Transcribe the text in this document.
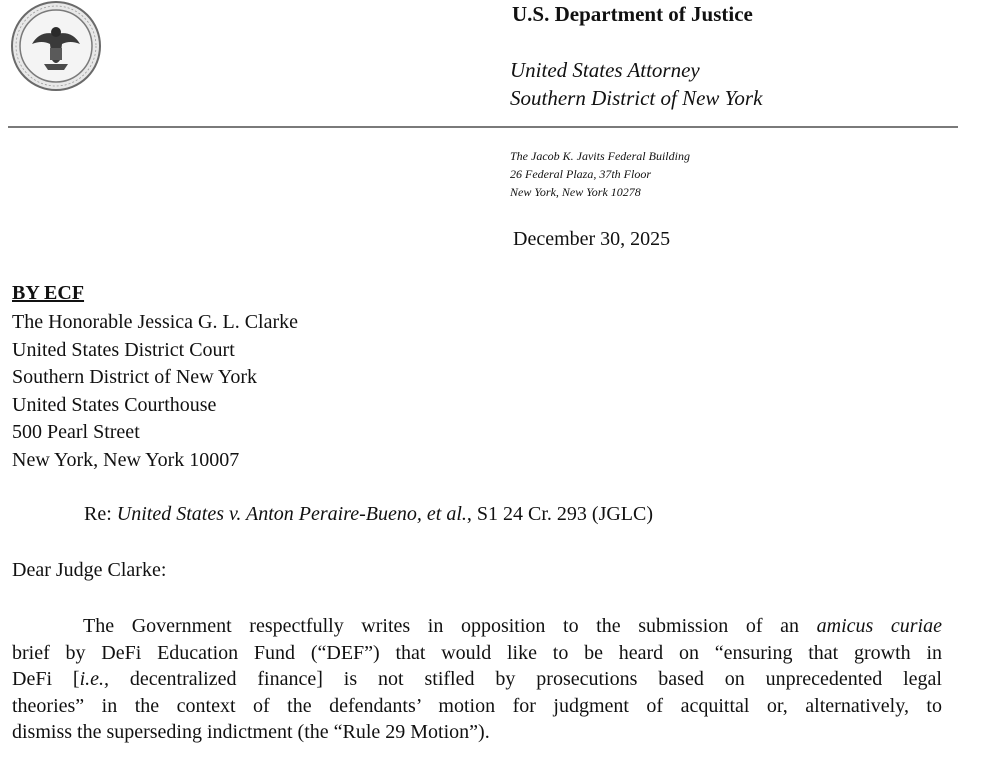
U.S. Department of Justice
United States Attorney
Southern District of New York
The Jacob K. Javits Federal Building
26 Federal Plaza, 37th Floor
New York, New York 10278
December 30, 2025
BY ECF
The Honorable Jessica G. L. Clarke
United States District Court
Southern District of New York
United States Courthouse
500 Pearl Street
New York, New York 10007
Re: United States v. Anton Peraire-Bueno, et al., S1 24 Cr. 293 (JGLC)
Dear Judge Clarke:
The Government respectfully writes in opposition to the submission of an amicus curiae
brief by DeFi Education Fund (“DEF”) that would like to be heard on “ensuring that growth in
DeFi [i.e., decentralized finance] is not stifled by prosecutions based on unprecedented legal
theories” in the context of the defendants’ motion for judgment of acquittal or, alternatively, to
dismiss the superseding indictment (the “Rule 29 Motion”).
